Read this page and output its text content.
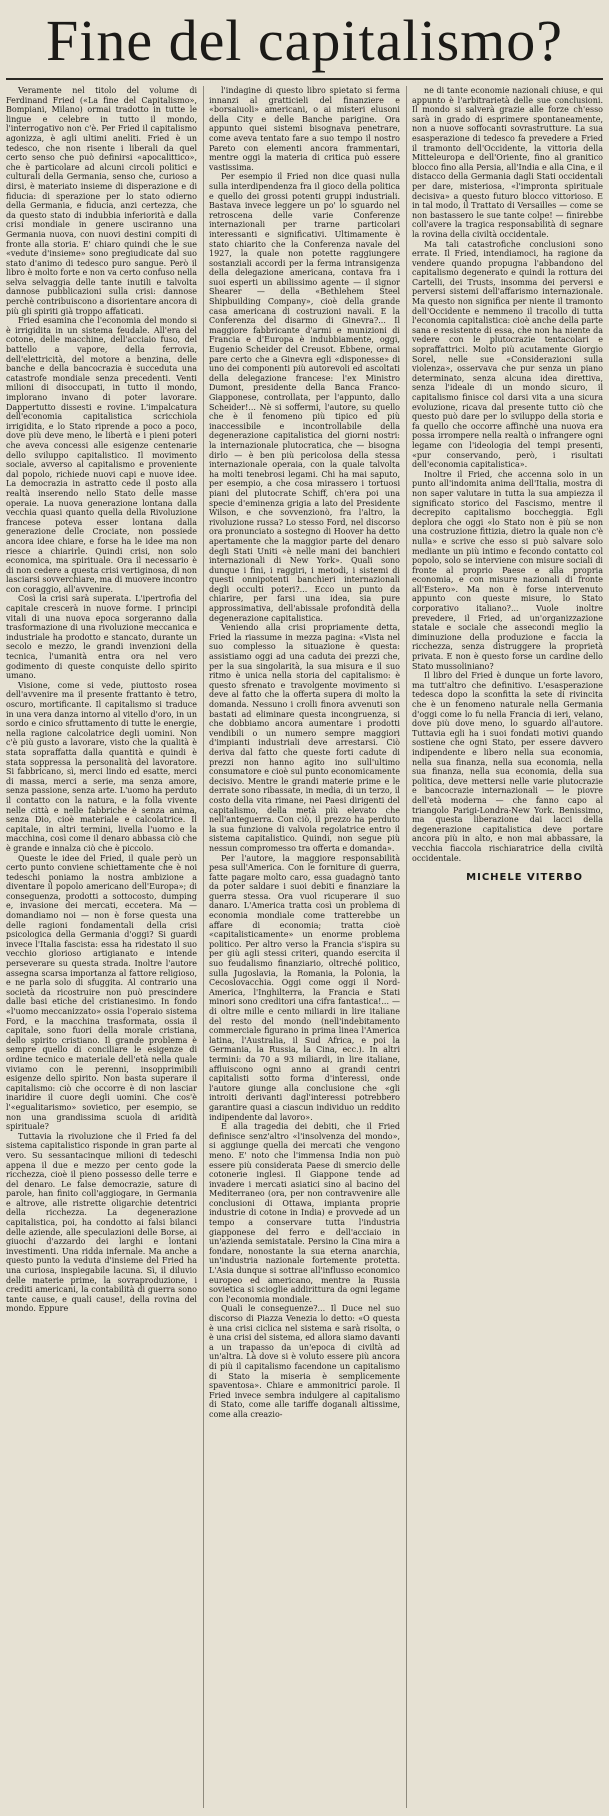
Fine del capitalismo?

Veramente nel titolo del volume di Ferdinand Fried («La fine del Capitalismo», Bompiani, Milano) ormai tradotto in tutte le lingue e celebre in tutto il mondo, l'interrogativo non c'è. Per Fried il capitalismo agonizza, è agli ultimi aneliti. Fried è un tedesco, che non risente i liberali da quel certo senso che può definirsi «apocalittico», che è particolare ad alcuni circoli politici e culturali della Germania, senso che, curioso a dirsi, è materiato insieme di disperazione e di fiducia: di sperazione per lo stato odierno della Germania, e fiducia, anzi certezza, che da questo stato di indubbia inferiorità e dalla crisi mondiale in genere usciranno una Germania nuova, con nuovi destini compiti di fronte alla storia. E' chiaro quindi che le sue «vedute d'insieme» sono pregiudicate dal suo stato d'animo di tedesco puro sangue. Però il libro è molto forte e non va certo confuso nella selva selvaggia delle tante inutili e talvolta dannose pubblicazioni sulla crisi: dannose perchè contribuiscono a disorientare ancora di più gli spiriti già troppo affaticati.

Fried esamina che l'economia del mondo si è irrigidita in un sistema feudale. All'era del cotone, delle macchine, dell'acciaio fuso, del battello a vapore, della ferrovia, dell'elettricità, del motore a benzina, delle banche e della bancocrazia è succeduta una catastrofe mondiale senza precedenti. Venti milioni di disoccupati, in tutto il mondo, implorano invano di poter lavorare. Dappertutto dissesti e rovine. L'impalcatura dell'economia capitalistica scricchiola irrigidita, e lo Stato riprende a poco a poco, dove più deve meno, le libertà e i pieni poteri che aveva concessi alle esigenze centenarie dello sviluppo capitalistico. Il movimento sociale, avverso al capitalismo e proveniente dal popolo, richiede nuovi capi e nuove idee. La democrazia in astratto cede il posto alla realtà inserendo nello Stato delle masse operaie. La nuova generazione lontana dalla vecchia quasi quanto quella della Rivoluzione francese poteva esser lontana dalla generazione delle Crociate, non possiede ancora idee chiare, e forse ha le idee ma non riesce a chiarirle. Quindi crisi, non solo economica, ma spirituale. Ora il necessario è di non cedere a questa crisi vertiginosa, di non lasciarsi sovverchiare, ma di muovere incontro con coraggio, all'avvenire.

Così la crisi sarà superata. L'ipertrofia del capitale crescerà in nuove forme. I principi vitali di una nuova epoca sorgeranno dalla trasformazione di una rivoluzione meccanica e industriale ha prodotto e stancato, durante un secolo e mezzo, le grandi invenzioni della tecnica, l'umanità entra ora nel vero godimento di queste conquiste dello spirito umano.

Visione, come si vede, piuttosto rosea dell'avvenire ma il presente frattanto è tetro, oscuro, mortificante. Il capitalismo si traduce in una vera danza intorno al vitello d'oro, in un sordo e cinico sfruttamento di tutte le energie, nella ragione calcolatrice degli uomini. Non c'è più gusto a lavorare, visto che la qualità è stata sopraffatta dalla quantità e quindi è stata soppressa la personalità del lavoratore. Si fabbricano, sì, merci lindo ed esatte, merci di massa, merci a serie, ma senza amore, senza passione, senza arte. L'uomo ha perduto il contatto con la natura, e la folla vivente nelle città e nelle fabbriche è senza anima, senza Dio, cioè materiale e calcolatrice. Il capitale, in altri termini, livella l'uomo e la macchina, così come il denaro abbassa ciò che è grande e innalza ciò che è piccolo.

Queste le idee del Fried, il quale però un certo punto conviene schiettamente che è noi tedeschi poniamo la nostra ambizione a diventare il popolo americano dell'Europa»; di conseguenza, prodotti a sottocosto, dumping e, invasione dei mercati, eccetera. Ma — domandiamo noi — non è forse questa una delle ragioni fondamentali della crisi psicologica della Germania d'oggi? Si guardi invece l'Italia fascista: essa ha ridestato il suo vecchio glorioso artigianato e intende perseverare su questa strada. Inoltre l'autore assegna scarsa importanza al fattore religioso, e ne parla solo di sfuggita. Al contrario una società da ricostruire non può prescindere dalle basi etiche del cristianesimo. In fondo «l'uomo meccanizzato» ossia l'operaio sistema Ford, e la macchina trasformata, ossia il capitale, sono fuori della morale cristiana, dello spirito cristiano. Il grande problema è sempre quello di conciliare le esigenze di ordine tecnico e materiale dell'età nella quale viviamo con le perenni, insopprimibili esigenze dello spirito. Non basta superare il capitalismo: ciò che occorre è di non lasciar inaridire il cuore degli uomini. Che cos'è l'«egualitarismo» sovietico, per esempio, se non una grandissima scuola di aridità spirituale?

Tuttavia la rivoluzione che il Fried fa del sistema capitalistico risponde in gran parte al vero. Su sessantacinque milioni di tedeschi appena il due e mezzo per cento gode la ricchezza, cioè il pieno possesso delle terre e del denaro. Le false democrazie, sature di parole, han finito coll'aggiogare, in Germania e altrove, alle ristrette oligarchie detentrici della ricchezza. La degenerazione capitalistica, poi, ha condotto ai falsi bilanci delle aziende, alle speculazioni delle Borse, ai giuochi d'azzardo dei larghi e lontani investimenti. Una ridda infernale. Ma anche a questo punto la veduta d'insieme del Fried ha una curiosa, inspiegabile lacuna. Sì, il diluvio delle materie prime, la sovraproduzione, i crediti americani, la contabilità di guerra sono tante cause, e quali cause!, della rovina del mondo. Eppure

l'indagine di questo libro spietato si ferma innanzi al gratticieli del finanziere e «borsaiuoli» americani, o ai misteri elusoni della City e delle Banche parigine. Ora appunto quei sistemi bisognava penetrare, come aveva tentato fare a suo tempo il nostro Pareto con elementi ancora frammentari, mentre oggi la materia di critica può essere vastissima.

Per esempio il Fried non dice quasi nulla sulla interdipendenza fra il gioco della politica e quello dei grossi potenti gruppi industriali. Bastava invece leggere un po' lo sguardo nel retroscena delle varie Conferenze internazionali per trarne particolari interessanti e significativi. Ultimamente è stato chiarito che la Conferenza navale del 1927, la quale non potette raggiungere sostanziali accordi per la ferma intransigenza della delegazione americana, contava fra i suoi esperti un abilissimo agente — il signor Shearer — della «Bethlehem Steel Shipbuilding Company», cioè della grande casa americana di costruzioni navali. E la Conferenza del disarmo di Ginevra?... Il maggiore fabbricante d'armi e munizioni di Francia e d'Europa è indubbiamente, oggi, Eugenio Scheider del Creusot. Ebbene, ormai pare certo che a Ginevra egli «disponesse» di uno dei componenti più autorevoli ed ascoltati della delegazione francese: l'ex Ministro Dumont, presidente della Banca Franco-Giapponese, controllata, per l'appunto, dallo Scheider!... Nè si soffermi, l'autore, su quello che è il fenomeno più tipico ed più inaccessibile e incontrollabile della degenerazione capitalistica del giorni nostri: la internazionale plutocratica, che — bisogna dirlo — è ben più pericolosa della stessa internazionale operaia, con la quale talvolta ha molti tenebrosi legami. Chi ha mai saputo, per esempio, a che cosa mirassero i tortuosi piani del plutocrate Schiff, ch'era poi una specie d'eminenza grigia a lato del Presidente Wilson, e che sovvenzionò, fra l'altro, la rivoluzione russa? Lo stesso Ford, nel discorso ora pronunciato a sostegno di Hoover ha detto apertamente che la maggior parte del denaro degli Stati Uniti «è nelle mani dei banchieri internazionali di New York». Quali sono dunque i fini, i raggiri, i metodi, i sistemi di questi onnipotenti banchieri internazionali degli occulti poteri?... Ecco un punto da chiarire, per farsi una idea, sia pure approssimativa, dell'abissale profondità della degenerazione capitalistica.

Veniendo alla crisi propriamente detta, Fried la riassume in mezza pagina: «Vista nel suo complesso la situazione è questa: assistiamo oggi ad una caduta dei prezzi che, per la sua singolarità, la sua misura e il suo ritmo è unica nella storia del capitalismo: è questo sfrenato e travolgente movimento si deve al fatto che la offerta supera di molto la domanda. Nessuno i crolli finora avvenuti son bastati ad eliminare questa incongruenza, si che dobbiamo ancora aumentare i prodotti vendibili o un numero sempre maggiori d'impianti industriali deve arrestarsi. Ciò deriva dal fatto che queste forti cadute di prezzi non hanno agito ino sull'ultimo consumatore e cioè sul punto economicamente decisivo. Mentre le grandi materie prime e le derrate sono ribassate, in media, di un terzo, il costo della vita rimane, nei Paesi dirigenti del capitalismo, della metà più elevato che nell'anteguerra. Con ciò, il prezzo ha perduto la sua funzione di valvola regolatrice entro il sistema capitalistico. Quindi, non segue più nessun compromesso tra offerta e domanda».

Per l'autore, la maggiore responsabilità pesa sull'America. Con le forniture di guerra, fatte pagare molto caro, essa guadagnò tanto da poter saldare i suoi debiti e finanziare la guerra stessa. Ora vuol ricuperare il suo danaro. L'America tratta così un problema di economia mondiale come tratterebbe un affare di economia; tratta cioè «capitalisticamente» un enorme problema politico. Per altro verso la Francia s'ispira su per giù agli stessi criteri, quando esercita il suo feudalismo finanziario, oltreché politico, sulla Jugoslavia, la Romania, la Polonia, la Cecoslovacchia. Oggi come oggi il Nord-America, l'Inghilterra, la Francia e Stati minori sono creditori una cifra fantastica!... — di oltre mille e cento miliardi in lire italiane del resto del mondo (nell'indebitamento commerciale figurano in prima linea l'America latina, l'Australia, il Sud Africa, e poi la Germania, la Russia, la Cina, ecc.). In altri termini: da 70 a 93 miliardi, in lire italiane, affluiscono ogni anno ai grandi centri capitalisti sotto forma d'interessi, onde l'autore giunge alla conclusione che «gli introiti derivanti dagl'interessi potrebbero garantire quasi a ciascun individuo un reddito indipendente dal lavoro».

E alla tragedia dei debiti, che il Fried definisce senz'altro «l'insolvenza del mondo», si aggiunge quella dei mercati che vengono meno. E' noto che l'immensa India non può essere più considerata Paese di smercio delle cotonerie inglesi. Il Giappone tende ad invadere i mercati asiatici sino al bacino del Mediterraneo (ora, per non contravvenire alle conclusioni di Ottawa, impianta proprie industrie di cotone in India) e provvede ad un tempo a conservare tutta l'industria giapponese del ferro e dell'acciaio in un'azienda semistatale. Persino la Cina mira a fondare, nonostante la sua eterna anarchia, un'industria nazionale fortemente protetta. L'Asia dunque si sottrae all'influsso economico europeo ed americano, mentre la Russia sovietica si scioglie addirittura da ogni legame con l'economia mondiale.

Quali le conseguenze?... Il Duce nel suo discorso di Piazza Venezia lo detto: «O questa è una crisi ciclica nel sistema e sarà risolta, o è una crisi del sistema, ed allora siamo davanti a un trapasso da un'epoca di civiltà ad un'altra. Là dove si è voluto essere più ancora di più il capitalismo facendone un capitalismo di Stato la miseria è semplicemente spaventosa». Chiare e ammonitrici parole. Il Fried invece sembra indulgere al capitalismo di Stato, come alle tariffe doganali altissime, come alla creazio-

ne di tante economie nazionali chiuse, e qui appunto è l'arbitrarietà delle sue conclusioni. Il mondo si salverà grazie alle forze ch'esso sarà in grado di esprimere spontaneamente, non a nuove soffocanti sovrastrutture. La sua esasperazione di tedesco fa prevedere a Fried il tramonto dell'Occidente, la vittoria della Mitteleuropa e dell'Oriente, fino al granitico blocco fino alla Persia, all'India e alla Cina, e il distacco della Germania dagli Stati occidentali per dare, misteriosa, «l'impronta spirituale decisiva» a questo futuro blocco vittorioso. E in tal modo, il Trattato di Versailles — come se non bastassero le sue tante colpe! — finirebbe coll'avere la tragica responsabilità di segnare la rovina della civiltà occidentale.

Ma tali catastrofiche conclusioni sono errate. Il Fried, intendiamoci, ha ragione da vendere quando propugna l'abbandono del capitalismo degenerato e quindi la rottura dei Cartelli, dei Trusts, insomma dei perversi e perversi sistemi dell'affarismo internazionale. Ma questo non significa per niente il tramonto dell'Occidente e nemmeno il tracollo di tutta l'economia capitalistica: cioè anche della parte sana e resistente di essa, che non ha niente da vedere con le plutocrazie tentacolari e sopraffattrici. Molto più acutamente Giorgio Sorel, nelle sue «Considerazioni sulla violenza», osservava che pur senza un piano determinato, senza alcuna idea direttiva, senza l'ideale di un mondo sicuro, il capitalismo finisce col darsi vita a una sicura evoluzione, ricava dal presente tutto ciò che questo può dare per lo sviluppo della storia e fa quello che occorre affinchè una nuova era possa irrompere nella realtà o infrangere ogni legame con l'ideologia del tempi presenti, «pur conservando, però, i risultati dell'economia capitalistica».

Inoltre il Fried, che accenna solo in un punto all'indomita anima dell'Italia, mostra di non saper valutare in tutta la sua ampiezza il significato storico del Fascismo, mentre il decrepito capitalismo boccheggia. Egli deplora che oggi «lo Stato non è più se non una costruzione fittizia, dietro la quale non c'è nulla» e scrive che esso si può salvare solo mediante un più intimo e fecondo contatto col popolo, solo se interviene con misure sociali di fronte al proprio Paese e alla propria economia, e con misure nazionali di fronte all'Estero». Ma non è forse intervenuto appunto con queste misure, lo Stato corporativo italiano?... Vuole inoltre prevedere, il Fried, ad un'organizzazione statale e sociale che assecondi meglio la diminuzione della produzione e faccia la ricchezza, senza distruggere la proprietà privata. E non è questo forse un cardine dello Stato mussoliniano?

Il libro del Fried è dunque un forte lavoro, ma tutt'altro che definitivo. L'esasperazione tedesca dopo la sconfitta la sete di rivincita che è un fenomeno naturale nella Germania d'oggi come lo fu nella Francia di ieri, velano, dove più dove meno, lo sguardo all'autore. Tuttavia egli ha i suoi fondati motivi quando sostiene che ogni Stato, per essere davvero indipendente e libero nella sua economia, nella sua finanza, nella sua economia, nella sua finanza, nella sua economia, della sua politica, deve mettersi nelle varie plutocrazie e bancocrazie internazionali — le piovre dell'età moderna — che fanno capo al triangolo Parigi-Londra-New York. Benissimo, ma questa liberazione dai lacci della degenerazione capitalistica deve portare ancora più in alto, e non mai abbassare, la vecchia fiaccola rischiaratrice della civiltà occidentale.

MICHELE VITERBO
